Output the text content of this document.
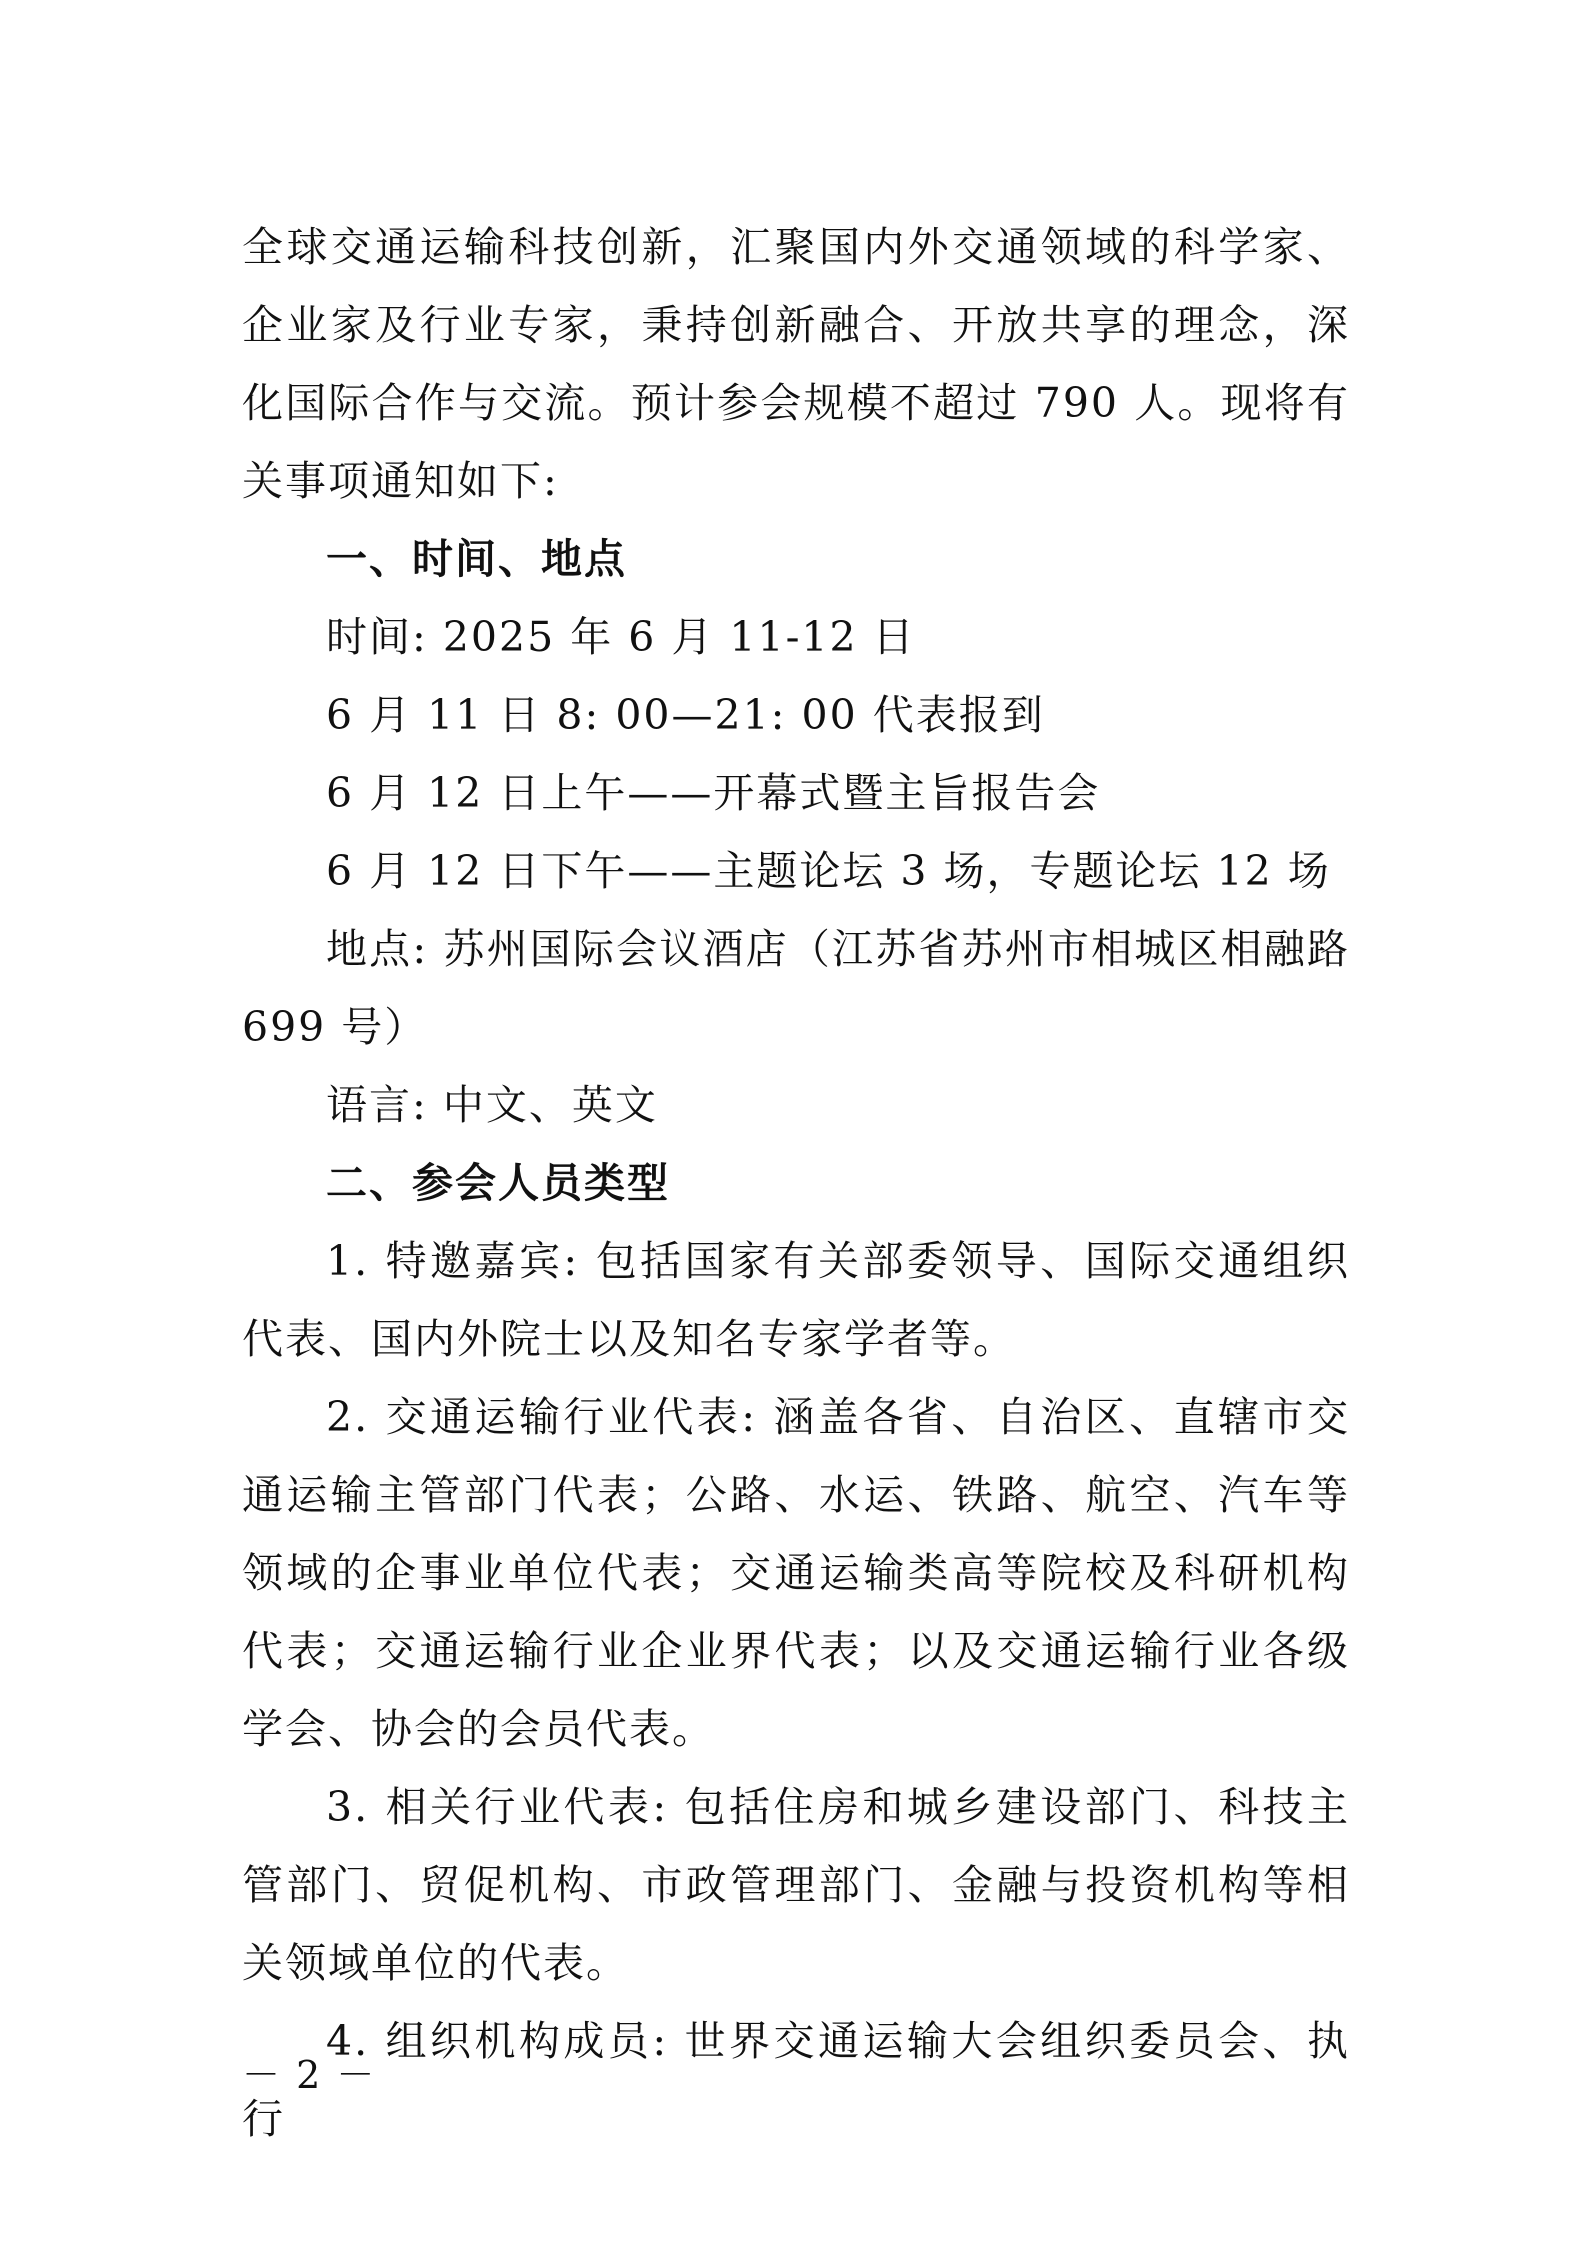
全球交通运输科技创新，汇聚国内外交通领域的科学家、企业家及行业专家，秉持创新融合、开放共享的理念，深化国际合作与交流。预计参会规模不超过 790 人。现将有关事项通知如下:

一、时间、地点

时间: 2025 年 6 月 11-12 日

6 月 11 日 8: 00—21: 00 代表报到

6 月 12 日上午——开幕式暨主旨报告会

6 月 12 日下午——主题论坛 3 场，专题论坛 12 场

地点: 苏州国际会议酒店（江苏省苏州市相城区相融路 699 号）

语言: 中文、英文

二、参会人员类型

1. 特邀嘉宾: 包括国家有关部委领导、国际交通组织代表、国内外院士以及知名专家学者等。

2. 交通运输行业代表: 涵盖各省、自治区、直辖市交通运输主管部门代表；公路、水运、铁路、航空、汽车等领域的企事业单位代表；交通运输类高等院校及科研机构代表；交通运输行业企业界代表；以及交通运输行业各级学会、协会的会员代表。

3. 相关行业代表: 包括住房和城乡建设部门、科技主管部门、贸促机构、市政管理部门、金融与投资机构等相关领域单位的代表。

4. 组织机构成员: 世界交通运输大会组织委员会、执行

－ 2 －
